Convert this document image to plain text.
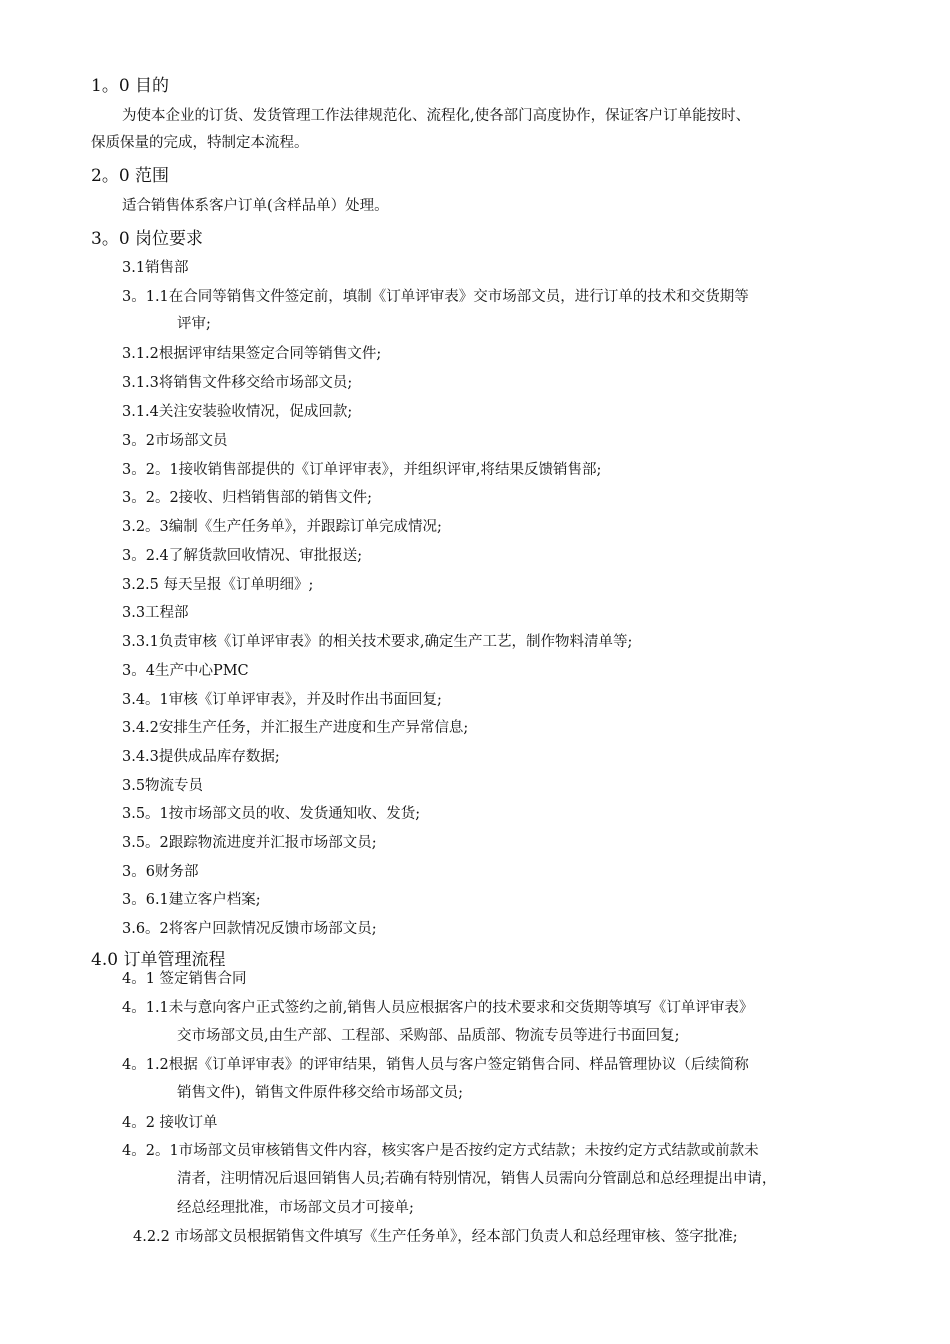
1。0 目的
为使本企业的订货、发货管理工作法律规范化、流程化,使各部门高度协作，保证客户订单能按时、
保质保量的完成，特制定本流程。
2。0 范围
适合销售体系客户订单(含样品单）处理。
3。0 岗位要求
3.1销售部
3。1.1在合同等销售文件签定前，填制《订单评审表》交市场部文员，进行订单的技术和交货期等
评审;
3.1.2根据评审结果签定合同等销售文件;
3.1.3将销售文件移交给市场部文员;
3.1.4关注安装验收情况，促成回款;
3。2市场部文员
3。2。1接收销售部提供的《订单评审表》，并组织评审,将结果反馈销售部;
3。2。2接收、归档销售部的销售文件;
3.2。3编制《生产任务单》，并跟踪订单完成情况;
3。2.4了解货款回收情况、审批报送;
3.2.5 每天呈报《订单明细》;
3.3工程部
3.3.1负责审核《订单评审表》的相关技术要求,确定生产工艺，制作物料清单等;
3。4生产中心PMC
3.4。1审核《订单评审表》，并及时作出书面回复;
3.4.2安排生产任务，并汇报生产进度和生产异常信息;
3.4.3提供成品库存数据;
3.5物流专员
3.5。1按市场部文员的收、发货通知收、发货;
3.5。2跟踪物流进度并汇报市场部文员;
3。6财务部
3。6.1建立客户档案;
3.6。2将客户回款情况反馈市场部文员;
4.0 订单管理流程
4。1 签定销售合同
4。1.1未与意向客户正式签约之前,销售人员应根据客户的技术要求和交货期等填写《订单评审表》
交市场部文员,由生产部、工程部、采购部、品质部、物流专员等进行书面回复;
4。1.2根据《订单评审表》的评审结果，销售人员与客户签定销售合同、样品管理协议（后续简称
销售文件)，销售文件原件移交给市场部文员;
4。2 接收订单
4。2。1市场部文员审核销售文件内容，核实客户是否按约定方式结款；未按约定方式结款或前款未
清者，注明情况后退回销售人员;若确有特别情况，销售人员需向分管副总和总经理提出申请，
经总经理批准，市场部文员才可接单;
4.2.2 市场部文员根据销售文件填写《生产任务单》，经本部门负责人和总经理审核、签字批准;
